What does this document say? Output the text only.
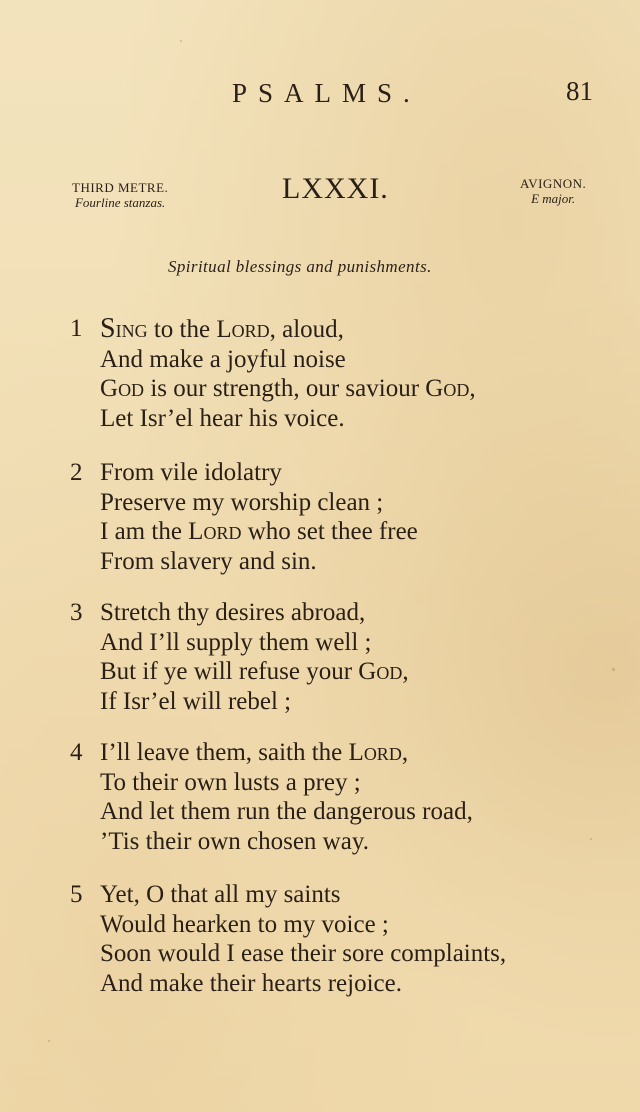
PSALMS.	81
THIRD METRE.
Fourline stanzas.	LXXXI.	AVIGNON.
E major.
Spiritual blessings and punishments.
1 Sing to the Lord, aloud,
And make a joyful noise
God is our strength, our saviour God,
Let Isr’el hear his voice.
2 From vile idolatry
Preserve my worship clean ;
I am the Lord who set thee free
From slavery and sin.
3 Stretch thy desires abroad,
And I’ll supply them well ;
But if ye will refuse your God,
If Isr’el will rebel ;
4 I’ll leave them, saith the Lord,
To their own lusts a prey ;
And let them run the dangerous road,
’Tis their own chosen way.
5 Yet, O that all my saints
Would hearken to my voice ;
Soon would I ease their sore complaints,
And make their hearts rejoice.
